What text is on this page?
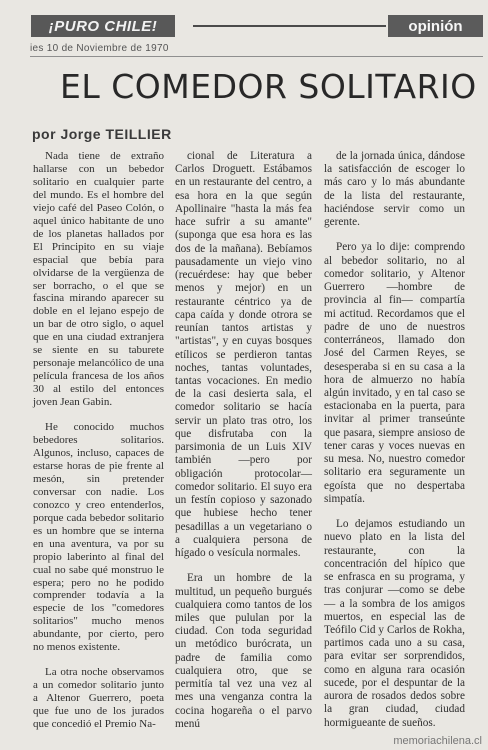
¡PURO CHILE!	opinión
ies 10 de Noviembre de 1970
EL COMEDOR SOLITARIO
por Jorge TEILLIER

Nada tiene de extraño hallarse con un bebedor solitario en cualquier parte del mundo. Es el hombre del viejo café del Paseo Colón, o aquel único habitante de uno de los planetas hallados por El Principito en su viaje espacial que bebía para olvidarse de la vergüenza de ser borracho, o el que se fascina mirando aparecer su doble en el lejano espejo de un bar de otro siglo, o aquel que en una ciudad extranjera se siente en su taburete personaje melancólico de una película francesa de los años 30 al estilo del entonces joven Jean Gabin.

He conocido muchos bebedores solitarios. Algunos, incluso, capaces de estarse horas de pie frente al mesón, sin pretender conversar con nadie. Los conozco y creo entenderlos, porque cada bebedor solitario es un hombre que se interna en una aventura, va por su propio laberinto al final del cual no sabe qué monstruo le espera; pero no he podido comprender todavía a la especie de los "comedores solitarios" mucho menos abundante, por cierto, pero no menos existente.

La otra noche observamos a un comedor solitario junto a Altenor Guerrero, poeta que fue uno de los jurados que concedió el Premio Na-

cional de Literatura a Carlos Droguett. Estábamos en un restaurante del centro, a esa hora en la que según Apollinaire "hasta la más fea hace sufrir a su amante" (suponga que esa hora es las dos de la mañana). Bebíamos pausadamente un viejo vino (recuérdese: hay que beber menos y mejor) en un restaurante céntrico ya de capa caída y donde otrora se reunían tantos artistas y "artistas", y en cuyas bosques etílicos se perdieron tantas noches, tantas voluntades, tantas vocaciones. En medio de la casi desierta sala, el comedor solitario se hacía servir un plato tras otro, los que disfrutaba con la parsimonia de un Luis XIV también —pero por obligación protocolar— comedor solitario. El suyo era un festín copioso y sazonado que hubiese hecho tener pesadillas a un vegetariano o a cualquiera persona de hígado o vesícula normales.

Era un hombre de la multitud, un pequeño burgués cualquiera como tantos de los miles que pululan por la ciudad. Con toda seguridad un metódico burócrata, un padre de familia como cualquiera otro, que se permitía tal vez una vez al mes una venganza contra la cocina hogareña o el parvo menú

de la jornada única, dándose la satisfacción de escoger lo más caro y lo más abundante de la lista del restaurante, haciéndose servir como un gerente.

Pero ya lo dije: comprendo al bebedor solitario, no al comedor solitario, y Altenor Guerrero —hombre de provincia al fin— compartía mi actitud. Recordamos que el padre de uno de nuestros conterráneos, llamado don José del Carmen Reyes, se desesperaba si en su casa a la hora de almuerzo no había algún invitado, y en tal caso se estacionaba en la puerta, para invitar al primer transeúnte que pasara, siempre ansioso de tener caras y voces nuevas en su mesa. No, nuestro comedor solitario era seguramente un egoísta que no despertaba simpatía.

Lo dejamos estudiando un nuevo plato en la lista del restaurante, con la concentración del hípico que se enfrasca en su programa, y tras conjurar —como se debe— a la sombra de los amigos muertos, en especial las de Teófilo Cid y Carlos de Rokha, partimos cada uno a su casa, para evitar ser sorprendidos, como en alguna rara ocasión sucede, por el despuntar de la aurora de rosados dedos sobre la gran ciudad, ciudad hormigueante de sueños.

memoriachilena.cl
